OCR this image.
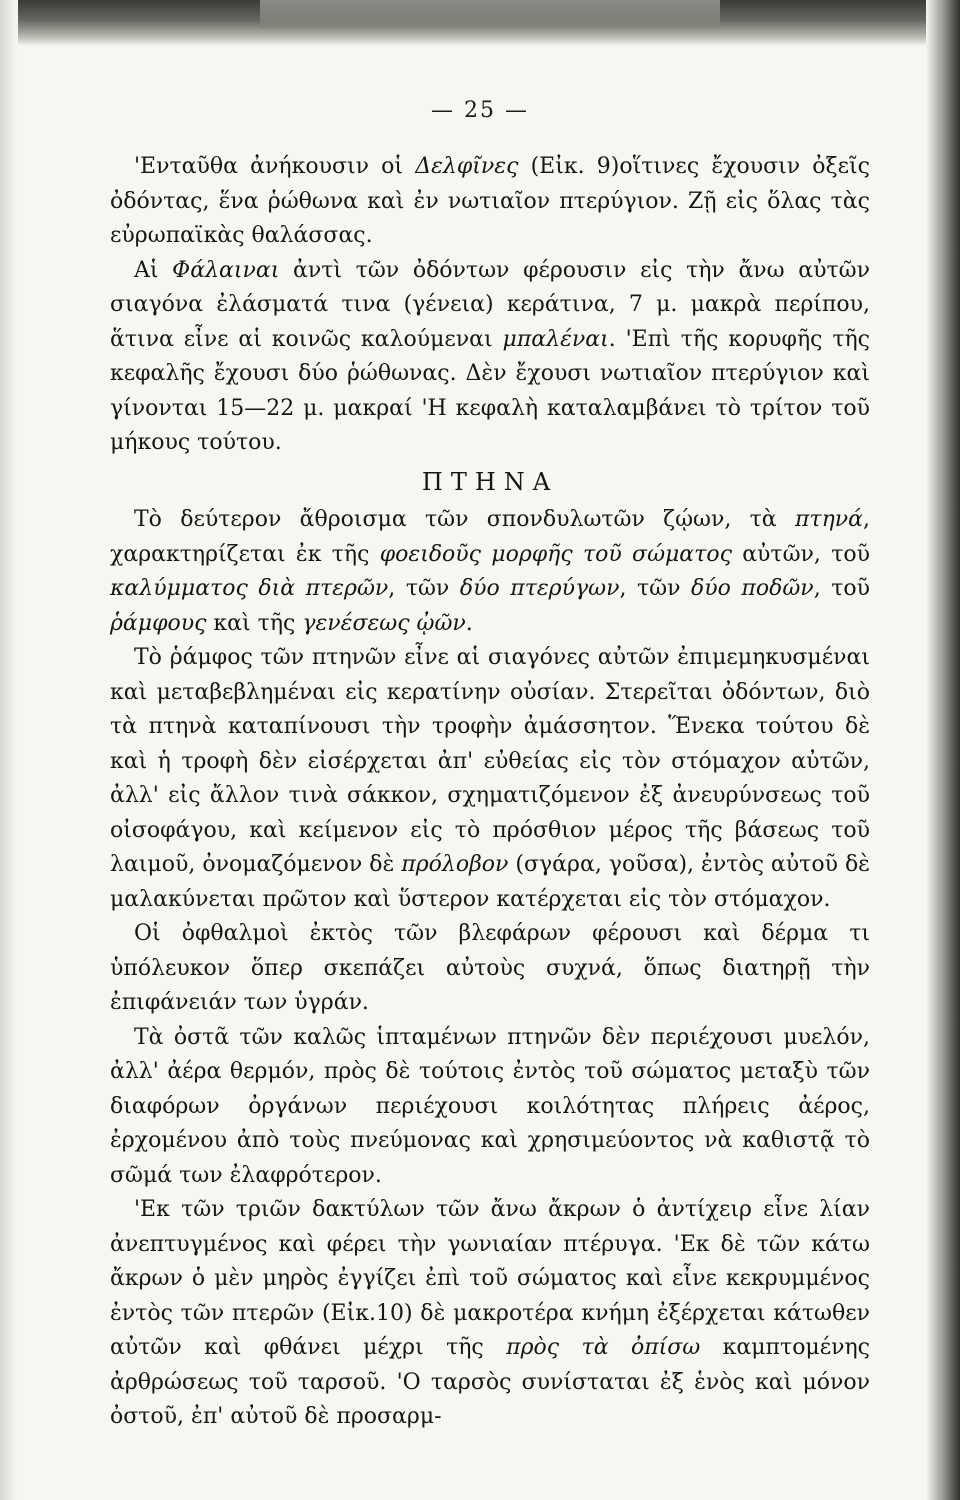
— 25 —

'Ενταῦθα ἀνήκουσιν οἱ Δελφῖνες (Εἰκ. 9)οἵτινες ἔχουσιν ὀξεῖς ὀδόντας, ἕνα ῥώθωνα καὶ ἐν νωτιαῖον πτερύγιον. Ζῇ εἰς ὅλας τὰς εὐρωπαϊκὰς θαλάσσας.

Αἱ Φάλαιναι ἀντὶ τῶν ὀδόντων φέρουσιν εἰς τὴν ἄνω αὐτῶν σιαγόνα ἐλάσματά τινα (γένεια) κεράτινα, 7 μ. μακρὰ περίπου, ἅτινα εἶνε αἱ κοινῶς καλούμεναι μπαλέναι. 'Επὶ τῆς κορυφῆς τῆς κεφαλῆς ἔχουσι δύο ῥώθωνας. Δὲν ἔχουσι νωτιαῖον πτερύγιον καὶ γίνονται 15—22 μ. μακραί 'Η κεφαλὴ καταλαμβάνει τὸ τρίτον τοῦ μήκους τούτου.

ΠΤΗΝΑ

Τὸ δεύτερον ἄθροισμα τῶν σπονδυλωτῶν ζῴων, τὰ πτηνά, χαρακτηρίζεται ἐκ τῆς φοειδοῦς μορφῆς τοῦ σώματος αὐτῶν, τοῦ καλύμματος διὰ πτερῶν, τῶν δύο πτερύγων, τῶν δύο ποδῶν, τοῦ ῥάμφους καὶ τῆς γενέσεως ᾠῶν.

Τὸ ῥάμφος τῶν πτηνῶν εἶνε αἱ σιαγόνες αὐτῶν ἐπιμεμηκυσμέναι καὶ μεταβεβλημέναι εἰς κερατίνην οὐσίαν. Στερεῖται ὀδόντων, διὸ τὰ πτηνὰ καταπίνουσι τὴν τροφὴν ἀμάσσητον. Ἕνεκα τούτου δὲ καὶ ἡ τροφὴ δὲν εἰσέρχεται ἀπ' εὐθείας εἰς τὸν στόμαχον αὐτῶν, ἀλλ' εἰς ἄλλον τινὰ σάκκον, σχηματιζόμενον ἐξ ἀνευρύνσεως τοῦ οἰσοφάγου, καὶ κείμενον εἰς τὸ πρόσθιον μέρος τῆς βάσεως τοῦ λαιμοῦ, ὀνομαζόμενον δὲ πρόλοβον (σγάρα, γοῦσα), ἐντὸς αὐτοῦ δὲ μαλακύνεται πρῶτον καὶ ὕστερον κατέρχεται εἰς τὸν στόμαχον.

Οἱ ὀφθαλμοὶ ἐκτὸς τῶν βλεφάρων φέρουσι καὶ δέρμα τι ὑπόλευκον ὅπερ σκεπάζει αὐτοὺς συχνά, ὅπως διατηρῇ τὴν ἐπιφάνειάν των ὑγράν.

Τὰ ὀστᾶ τῶν καλῶς ἱπταμένων πτηνῶν δὲν περιέχουσι μυελόν, ἀλλ' ἀέρα θερμόν, πρὸς δὲ τούτοις ἐντὸς τοῦ σώματος μεταξὺ τῶν διαφόρων ὀργάνων περιέχουσι κοιλότητας πλήρεις ἀέρος, ἐρχομένου ἀπὸ τοὺς πνεύμονας καὶ χρησιμεύοντος νὰ καθιστᾷ τὸ σῶμά των ἐλαφρότερον.

'Εκ τῶν τριῶν δακτύλων τῶν ἄνω ἄκρων ὁ ἀντίχειρ εἶνε λίαν ἀνεπτυγμένος καὶ φέρει τὴν γωνιαίαν πτέρυγα. 'Εκ δὲ τῶν κάτω ἄκρων ὁ μὲν μηρὸς ἐγγίζει ἐπὶ τοῦ σώματος καὶ εἶνε κεκρυμμένος ἐντὸς τῶν πτερῶν (Εἰκ.10) δὲ μακροτέρα κνήμη ἐξέρχεται κάτωθεν αὐτῶν καὶ φθάνει μέχρι τῆς πρὸς τὰ ὀπίσω καμπτομένης ἀρθρώσεως τοῦ ταρσοῦ. 'Ο ταρσὸς συνίσταται ἐξ ἑνὸς καὶ μόνον ὀστοῦ, ἐπ' αὐτοῦ δὲ προσαρμ-
